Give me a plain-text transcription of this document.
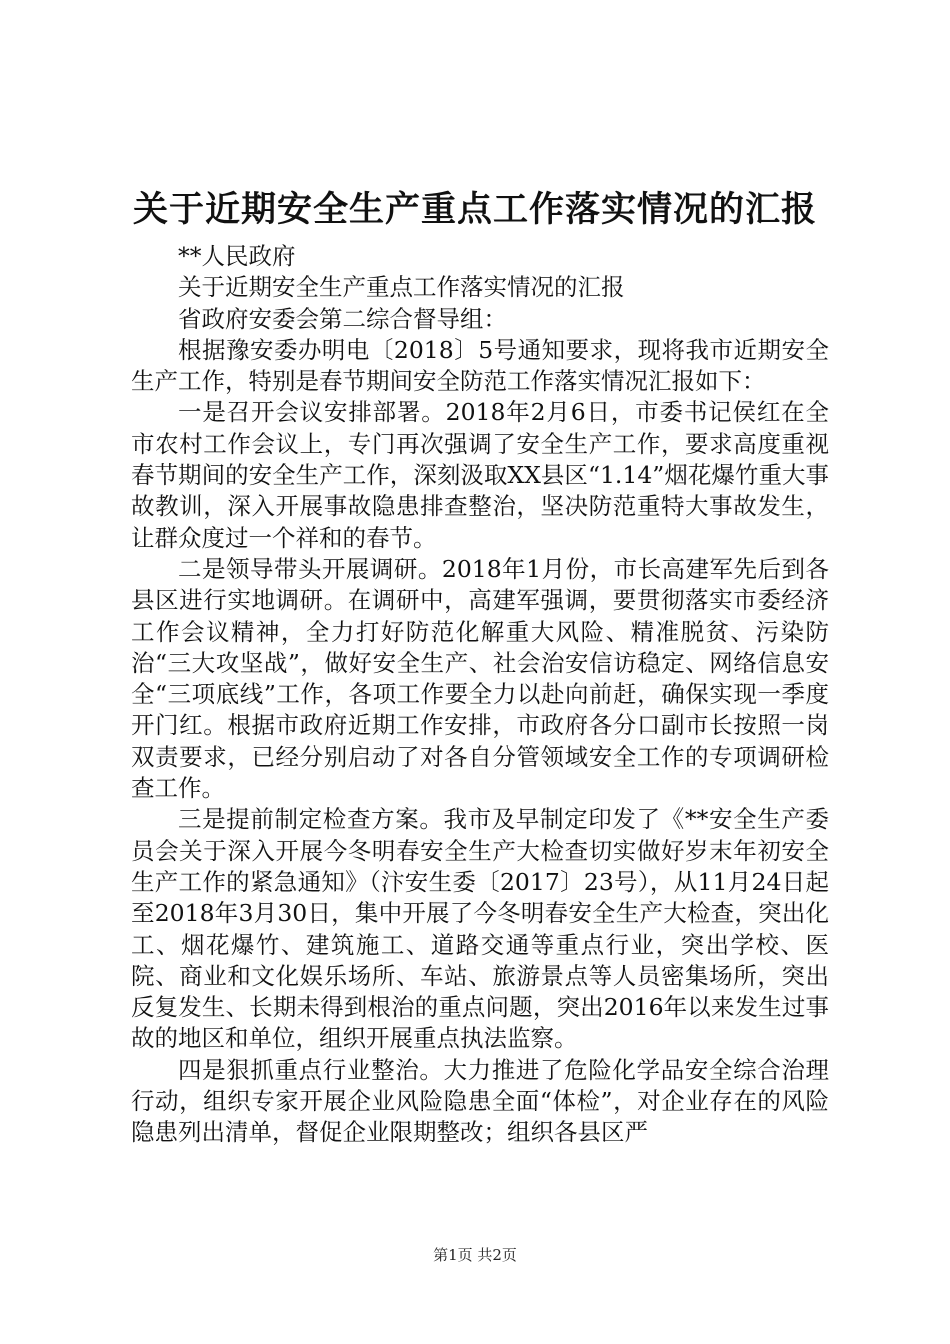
关于近期安全生产重点工作落实情况的汇报

**人民政府

关于近期安全生产重点工作落实情况的汇报

省政府安委会第二综合督导组：

根据豫安委办明电〔2018〕5号通知要求，现将我市近期安全生产工作，特别是春节期间安全防范工作落实情况汇报如下：

一是召开会议安排部署。2018年2月6日，市委书记侯红在全市农村工作会议上，专门再次强调了安全生产工作，要求高度重视春节期间的安全生产工作，深刻汲取XX县区“1.14”烟花爆竹重大事故教训，深入开展事故隐患排查整治，坚决防范重特大事故发生，让群众度过一个祥和的春节。

二是领导带头开展调研。2018年1月份，市长高建军先后到各县区进行实地调研。在调研中，高建军强调，要贯彻落实市委经济工作会议精神，全力打好防范化解重大风险、精准脱贫、污染防治“三大攻坚战”，做好安全生产、社会治安信访稳定、网络信息安全“三项底线”工作，各项工作要全力以赴向前赶，确保实现一季度开门红。根据市政府近期工作安排，市政府各分口副市长按照一岗双责要求，已经分别启动了对各自分管领域安全工作的专项调研检查工作。

三是提前制定检查方案。我市及早制定印发了《**安全生产委员会关于深入开展今冬明春安全生产大检查切实做好岁末年初安全生产工作的紧急通知》（汴安生委〔2017〕23号），从11月24日起至2018年3月30日，集中开展了今冬明春安全生产大检查，突出化工、烟花爆竹、建筑施工、道路交通等重点行业，突出学校、医院、商业和文化娱乐场所、车站、旅游景点等人员密集场所，突出反复发生、长期未得到根治的重点问题，突出2016年以来发生过事故的地区和单位，组织开展重点执法监察。

四是狠抓重点行业整治。大力推进了危险化学品安全综合治理行动，组织专家开展企业风险隐患全面“体检”，对企业存在的风险隐患列出清单，督促企业限期整改；组织各县区严

第1页 共2页
